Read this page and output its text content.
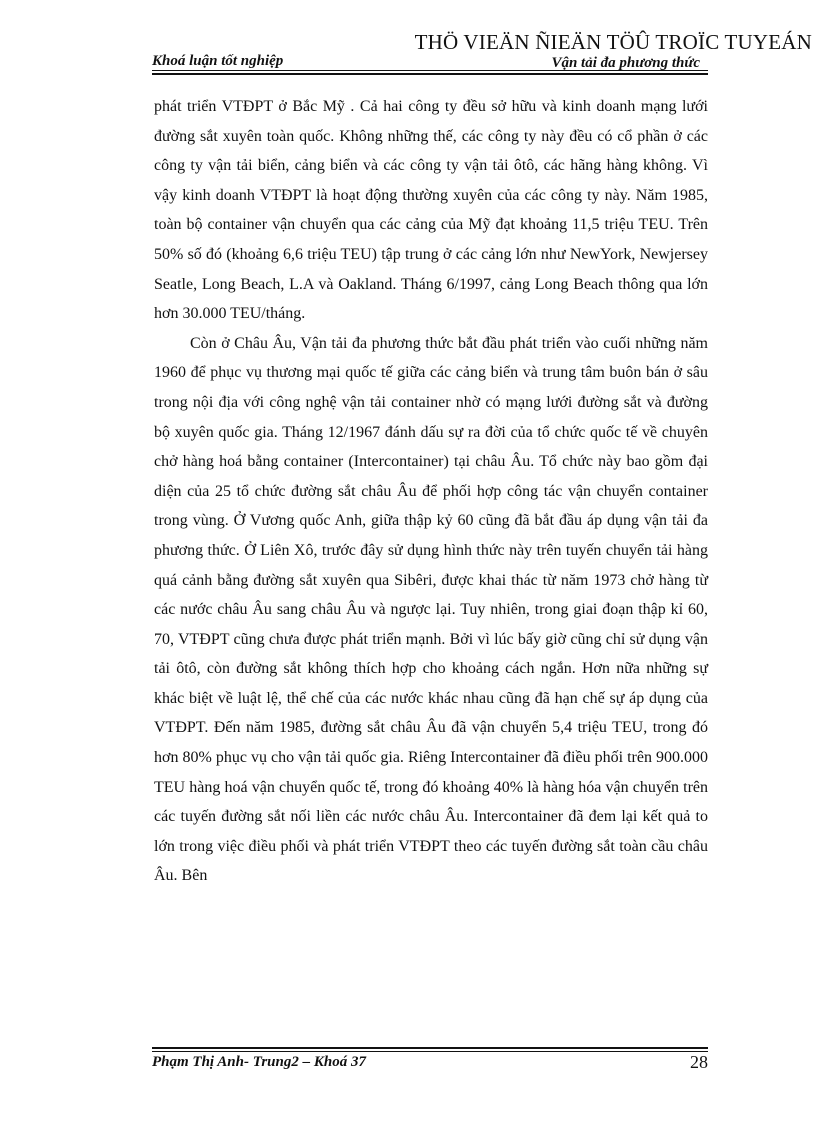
THÖ VIEÄN ÑIEÄN TÖÛ TROÏC TUYEÁN
Khoá luận tốt nghiệp	Vận tải đa phương thức

phát triển VTĐPT ở Bắc Mỹ . Cả hai công ty đều sở hữu và kinh doanh mạng lưới đường sắt xuyên toàn quốc. Không những thế, các công ty này đều có cổ phần ở các công ty vận tải biển, cảng biển và các công ty vận tải ôtô, các hãng hàng không. Vì vậy kinh doanh VTĐPT là hoạt động thường xuyên của các công ty này. Năm 1985, toàn bộ container vận chuyển qua các cảng của Mỹ đạt khoảng 11,5 triệu TEU. Trên 50% số đó (khoảng 6,6 triệu TEU) tập trung ở các cảng lớn như NewYork, Newjersey Seatle, Long Beach, L.A và Oakland. Tháng 6/1997, cảng Long Beach thông qua lớn hơn 30.000 TEU/tháng.

Còn ở Châu Âu, Vận tải đa phương thức bắt đầu phát triển vào cuối những năm 1960 để phục vụ thương mại quốc tế giữa các cảng biển và trung tâm buôn bán ở sâu trong nội địa với công nghệ vận tải container nhờ có mạng lưới đường sắt và đường bộ xuyên quốc gia. Tháng 12/1967 đánh dấu sự ra đời của tổ chức quốc tế về chuyên chở hàng hoá bằng container (Intercontainer) tại châu Âu. Tổ chức này bao gồm đại diện của 25 tổ chức đường sắt châu Âu để phối hợp công tác vận chuyển container trong vùng. Ở Vương quốc Anh, giữa thập kỷ 60 cũng đã bắt đầu áp dụng vận tải đa phương thức. Ở Liên Xô, trước đây sử dụng hình thức này trên tuyến chuyển tải hàng quá cảnh bằng đường sắt xuyên qua Sibêri, được khai thác từ năm 1973 chở hàng từ các nước châu Âu sang châu Âu và ngược lại. Tuy nhiên, trong giai đoạn thập kỉ 60, 70, VTĐPT cũng chưa được phát triển mạnh. Bởi vì lúc bấy giờ cũng chỉ sử dụng vận tải ôtô, còn đường sắt không thích hợp cho khoảng cách ngắn. Hơn nữa những sự khác biệt về luật lệ, thể chế của các nước khác nhau cũng đã hạn chế sự áp dụng của VTĐPT. Đến năm 1985, đường sắt châu Âu đã vận chuyển 5,4 triệu TEU, trong đó hơn 80% phục vụ cho vận tải quốc gia. Riêng Intercontainer đã điều phối trên 900.000 TEU hàng hoá vận chuyển quốc tế, trong đó khoảng 40% là hàng hóa vận chuyển trên các tuyến đường sắt nối liền các nước châu Âu. Intercontainer đã đem lại kết quả to lớn trong việc điều phối và phát triển VTĐPT theo các tuyến đường sắt toàn cầu châu Âu. Bên

Phạm Thị Anh- Trung2 – Khoá 37	28
